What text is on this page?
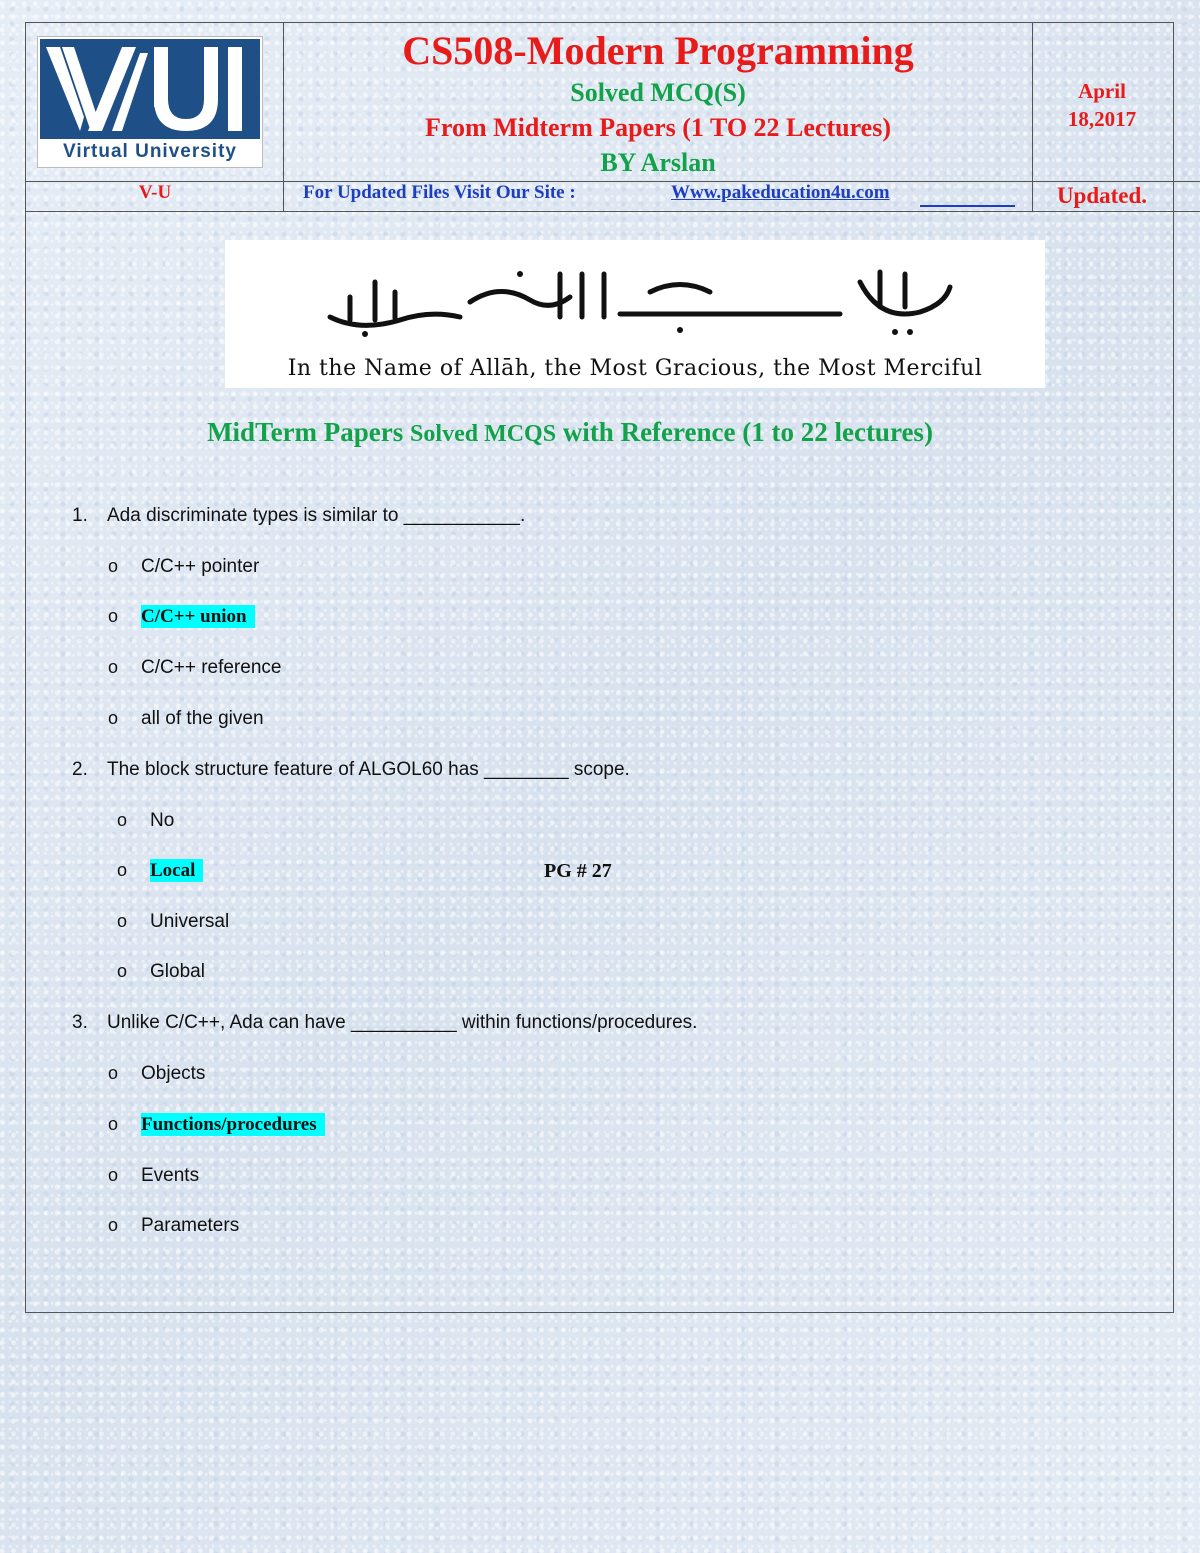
Virtual University
CS508-Modern Programming
Solved MCQ(S)
From Midterm Papers (1 TO 22 Lectures)
BY Arslan
April
18,2017
V-U	For Updated Files Visit Our Site :	Www.pakeducation4u.com	Updated.
In the Name of Allāh, the Most Gracious, the Most Merciful
MidTerm Papers Solved MCQS with Reference (1 to 22 lectures)
1.	Ada discriminate types is similar to ___________.
o C/C++ pointer
o C/C++ union
o C/C++ reference
o all of the given
2.	The block structure feature of ALGOL60 has ________ scope.
o No
o Local	PG # 27
o Universal
o Global
3.	Unlike C/C++, Ada can have __________ within functions/procedures.
o Objects
o Functions/procedures
o Events
o Parameters
